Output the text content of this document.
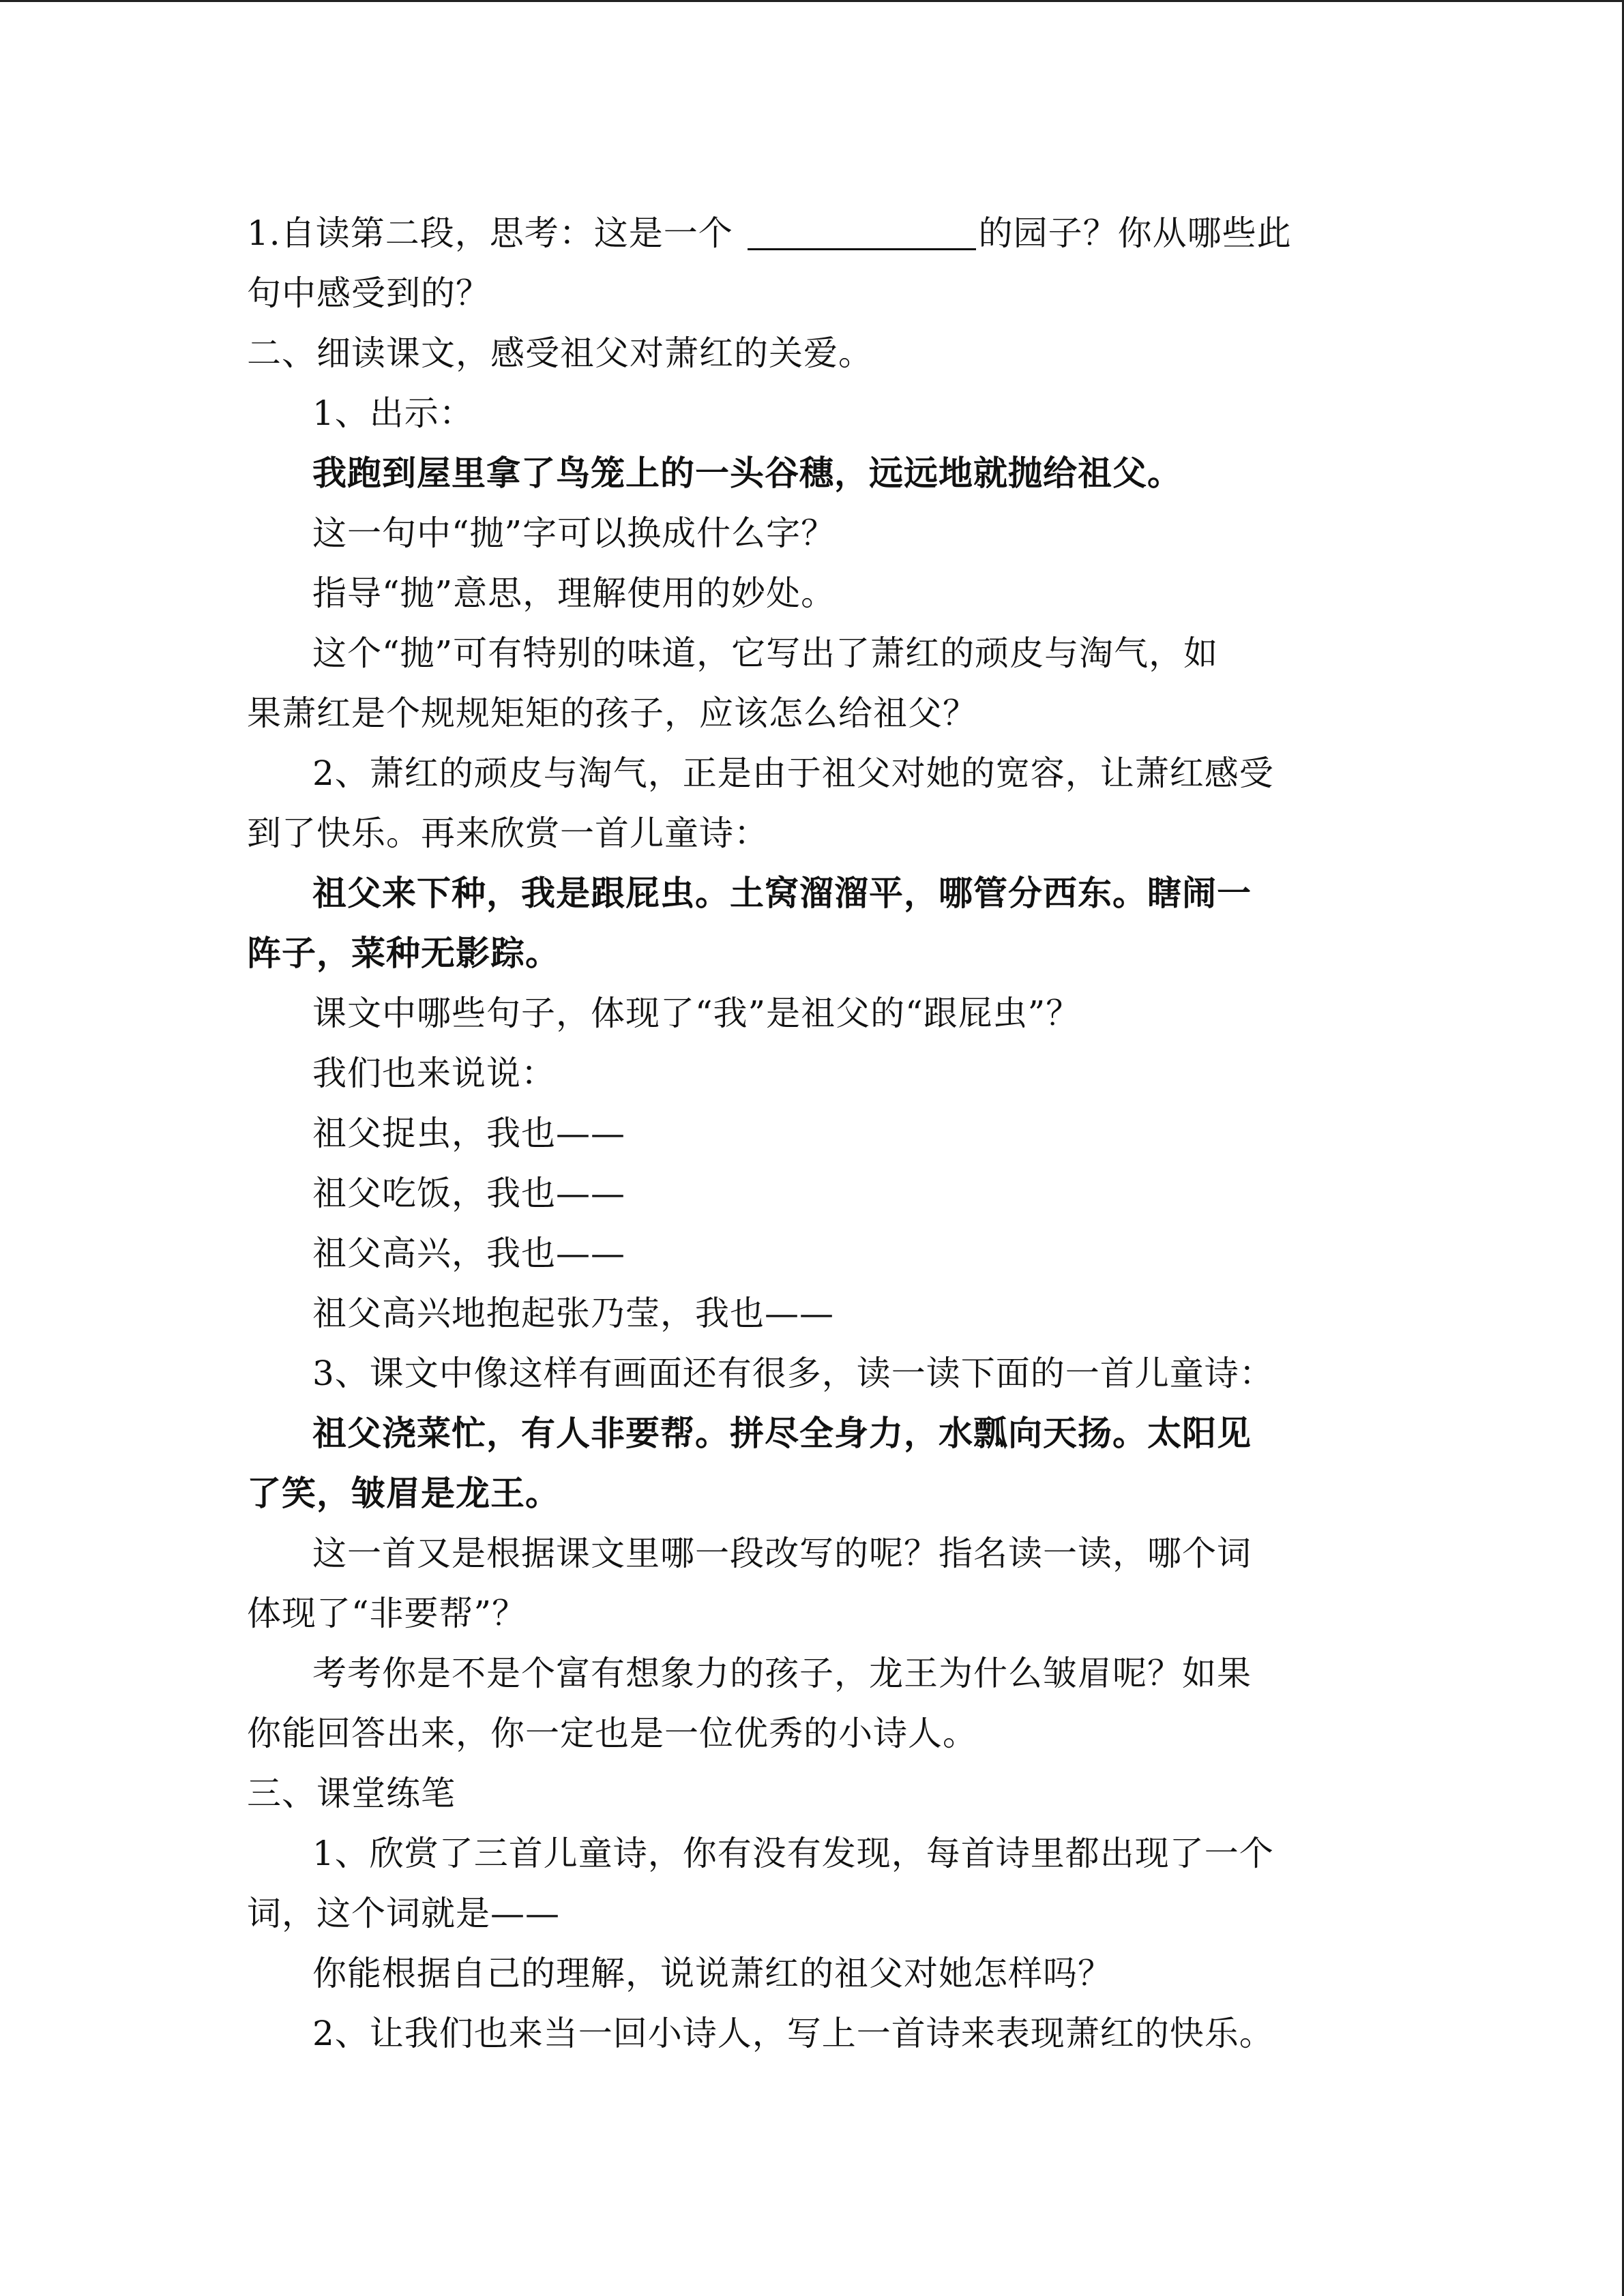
1.自读第二段，思考：这是一个	的园子？你从哪些此
句中感受到的？
二、细读课文，感受祖父对萧红的关爱。
1、出示：
我跑到屋里拿了鸟笼上的一头谷穗，远远地就抛给祖父。
这一句中“抛”字可以换成什么字？
指导“抛”意思，理解使用的妙处。
这个“抛”可有特别的味道，它写出了萧红的顽皮与淘气，如
果萧红是个规规矩矩的孩子，应该怎么给祖父？
2、萧红的顽皮与淘气，正是由于祖父对她的宽容，让萧红感受
到了快乐。再来欣赏一首儿童诗：
祖父来下种，我是跟屁虫。土窝溜溜平，哪管分西东。瞎闹一
阵子，菜种无影踪。
课文中哪些句子，体现了“我”是祖父的“跟屁虫”？
我们也来说说：
祖父捉虫，我也——
祖父吃饭，我也——
祖父高兴，我也——
祖父高兴地抱起张乃莹，我也——
3、课文中像这样有画面还有很多，读一读下面的一首儿童诗：
祖父浇菜忙，有人非要帮。拼尽全身力，水瓢向天扬。太阳见
了笑，皱眉是龙王。
这一首又是根据课文里哪一段改写的呢？指名读一读，哪个词
体现了“非要帮”？
考考你是不是个富有想象力的孩子，龙王为什么皱眉呢？如果
你能回答出来，你一定也是一位优秀的小诗人。
三、课堂练笔
1、欣赏了三首儿童诗，你有没有发现，每首诗里都出现了一个
词，这个词就是——
你能根据自己的理解，说说萧红的祖父对她怎样吗？
2、让我们也来当一回小诗人，写上一首诗来表现萧红的快乐。
